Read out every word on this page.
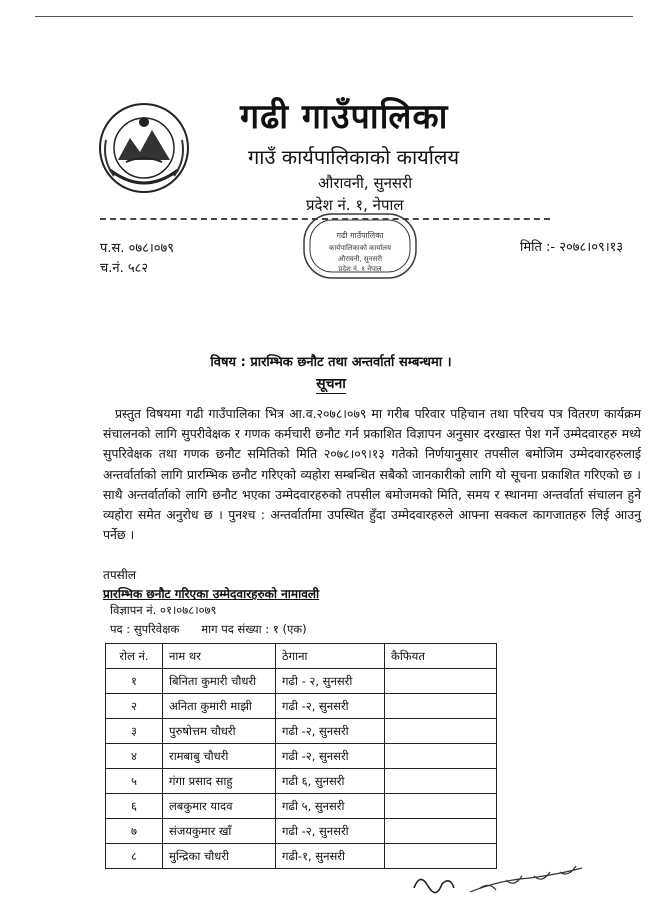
गढी गाउँपालिका
गाउँ कार्यपालिकाको कार्यालय
औरावनी, सुनसरी
प्रदेश नं. १, नेपाल
गढी गाउँपालिका
कार्यपालिकाको कार्यालय
औरावनी, सुनसरी
प्रदेश नं. १ नेपाल
प.स. ०७८।०७९
च.नं. ५८२
मिति :- २०७८।०९।१३
विषय : प्रारम्भिक छनौट तथा अन्तर्वार्ता सम्बन्धमा ।
सूचना
प्रस्तुत विषयमा गढी गाउँपालिका भित्र आ.व.२०७८।०७९ मा गरीब परिवार पहिचान तथा परिचय पत्र वितरण कार्यक्रम संचालनको लागि सुपरीवेक्षक र गणक कर्मचारी छनौट गर्न प्रकाशित विज्ञापन अनुसार दरखास्त पेश गर्ने उम्मेदवारहरु मध्ये सुपरिवेक्षक तथा गणक छनौट समितिको मिति २०७८।०९।१३ गतेको निर्णयानुसार तपसील बमोजिम उम्मेदवारहरुलाई अन्तर्वार्ताको लागि प्रारम्भिक छनौट गरिएको व्यहोरा सम्बन्धित सबैको जानकारीको लागि यो सूचना प्रकाशित गरिएको छ । साथै अन्तर्वार्ताको लागि छनौट भएका उम्मेदवारहरुको तपसील बमोजमको मिति, समय र स्थानमा अन्तर्वार्ता संचालन हुने व्यहोरा समेत अनुरोध छ । पुनश्च : अन्तर्वार्तामा उपस्थित हुँदा उम्मेदवारहरुले आफ्ना सक्कल कागजातहरु लिई आउनु पर्नेछ ।
तपसील
प्रारम्भिक छनौट गरिएका उम्मेदवारहरुको नामावली
विज्ञापन नं. ०१।०७८।०७९
पद : सुपरिवेक्षक      माग पद संख्या : १ (एक)
रोल नं.	नाम थर	ठेगाना	कैफियत
१	बिनिता कुमारी चौधरी	गढी - २, सुनसरी	
२	अनिता कुमारी माझी	गढी -२, सुनसरी	
३	पुरुषोत्तम चौधरी	गढी -२, सुनसरी	
४	रामबाबु चौधरी	गढी -२, सुनसरी	
५	गंगा प्रसाद साहु	गढी ६, सुनसरी	
६	लबकुमार यादव	गढी ५, सुनसरी	
७	संजयकुमार खाँ	गढी -२, सुनसरी	
८	मुन्द्रिका चौधरी	गढी-१, सुनसरी	
